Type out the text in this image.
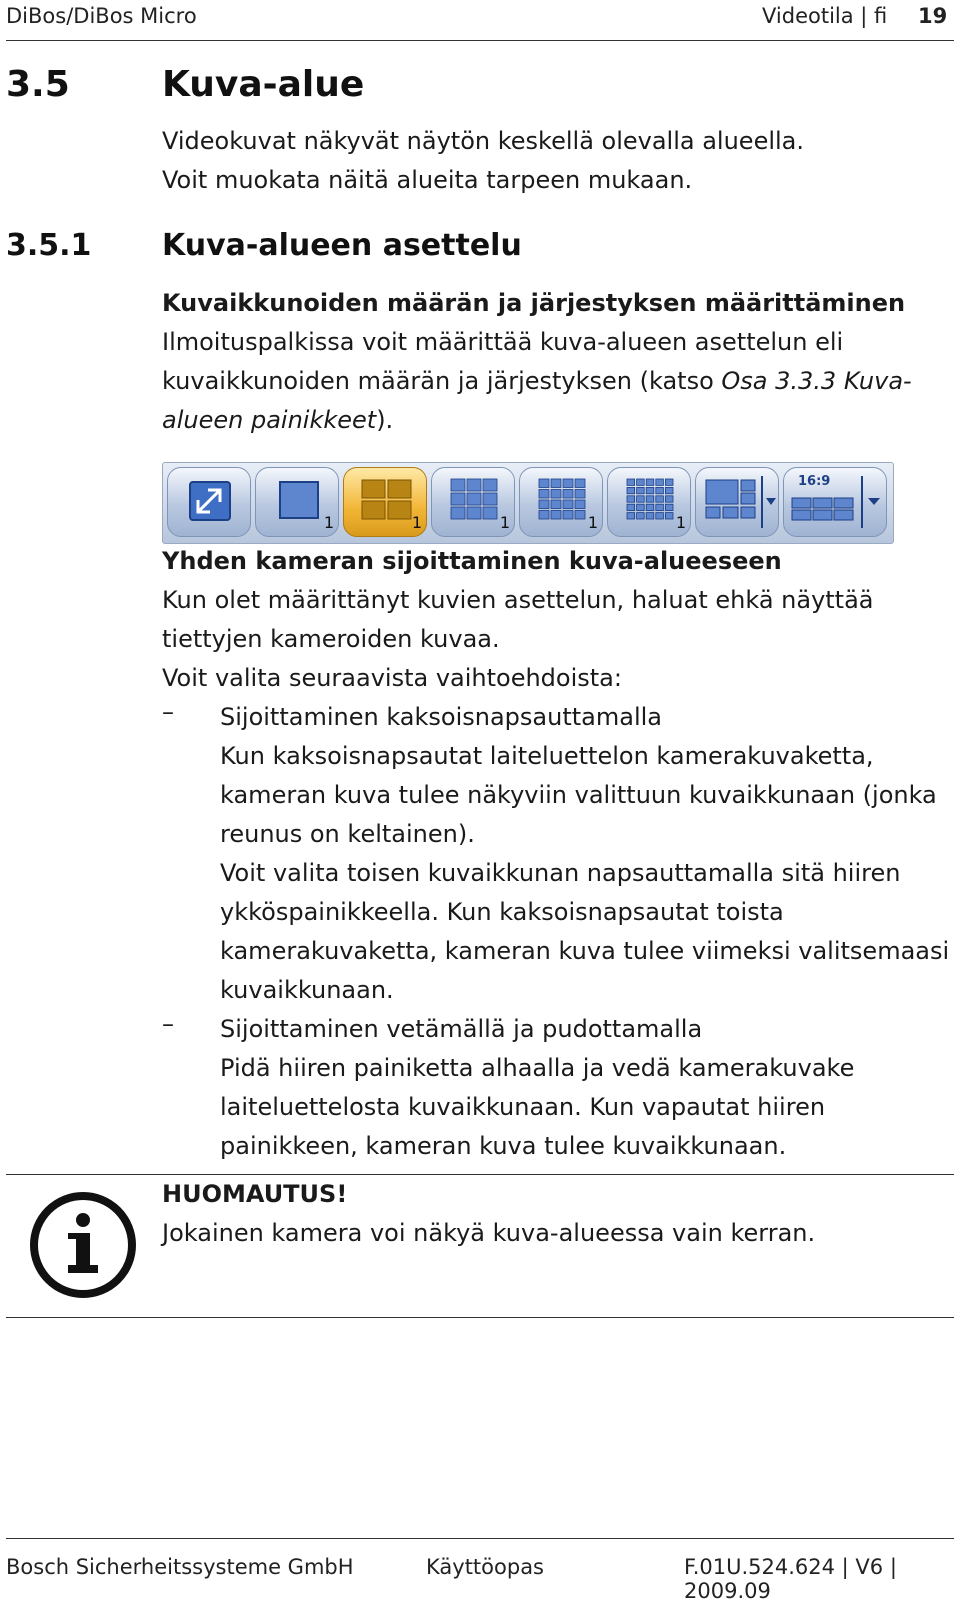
DiBos/DiBos Micro	Videotila | fi 19
3.5	Kuva-alue
Videokuvat näkyvät näytön keskellä olevalla alueella.
Voit muokata näitä alueita tarpeen mukaan.
3.5.1 Kuva-alueen asettelu
Kuvaikkunoiden määrän ja järjestyksen määrittäminen
Ilmoituspalkissa voit määrittää kuva-alueen asettelun eli
kuvaikkunoiden määrän ja järjestyksen (katso Osa 3.3.3 Kuva-
alueen painikkeet).
1	1	1	1	1
16:9
Yhden kameran sijoittaminen kuva-alueeseen
Kun olet määrittänyt kuvien asettelun, haluat ehkä näyttää
tiettyjen kameroiden kuvaa.
Voit valita seuraavista vaihtoehdoista:
– Sijoittaminen kaksoisnapsauttamalla
Kun kaksoisnapsautat laiteluettelon kamerakuvaketta,
kameran kuva tulee näkyviin valittuun kuvaikkunaan (jonka
reunus on keltainen).
Voit valita toisen kuvaikkunan napsauttamalla sitä hiiren
ykköspainikkeella. Kun kaksoisnapsautat toista
kamerakuvaketta, kameran kuva tulee viimeksi valitsemaasi
kuvaikkunaan.
– Sijoittaminen vetämällä ja pudottamalla
Pidä hiiren painiketta alhaalla ja vedä kamerakuvake
laiteluettelosta kuvaikkunaan. Kun vapautat hiiren
painikkeen, kameran kuva tulee kuvaikkunaan.
HUOMAUTUS!
Jokainen kamera voi näkyä kuva-alueessa vain kerran.
Bosch Sicherheitssysteme GmbH	Käyttöopas	F.01U.524.624 | V6 | 2009.09
